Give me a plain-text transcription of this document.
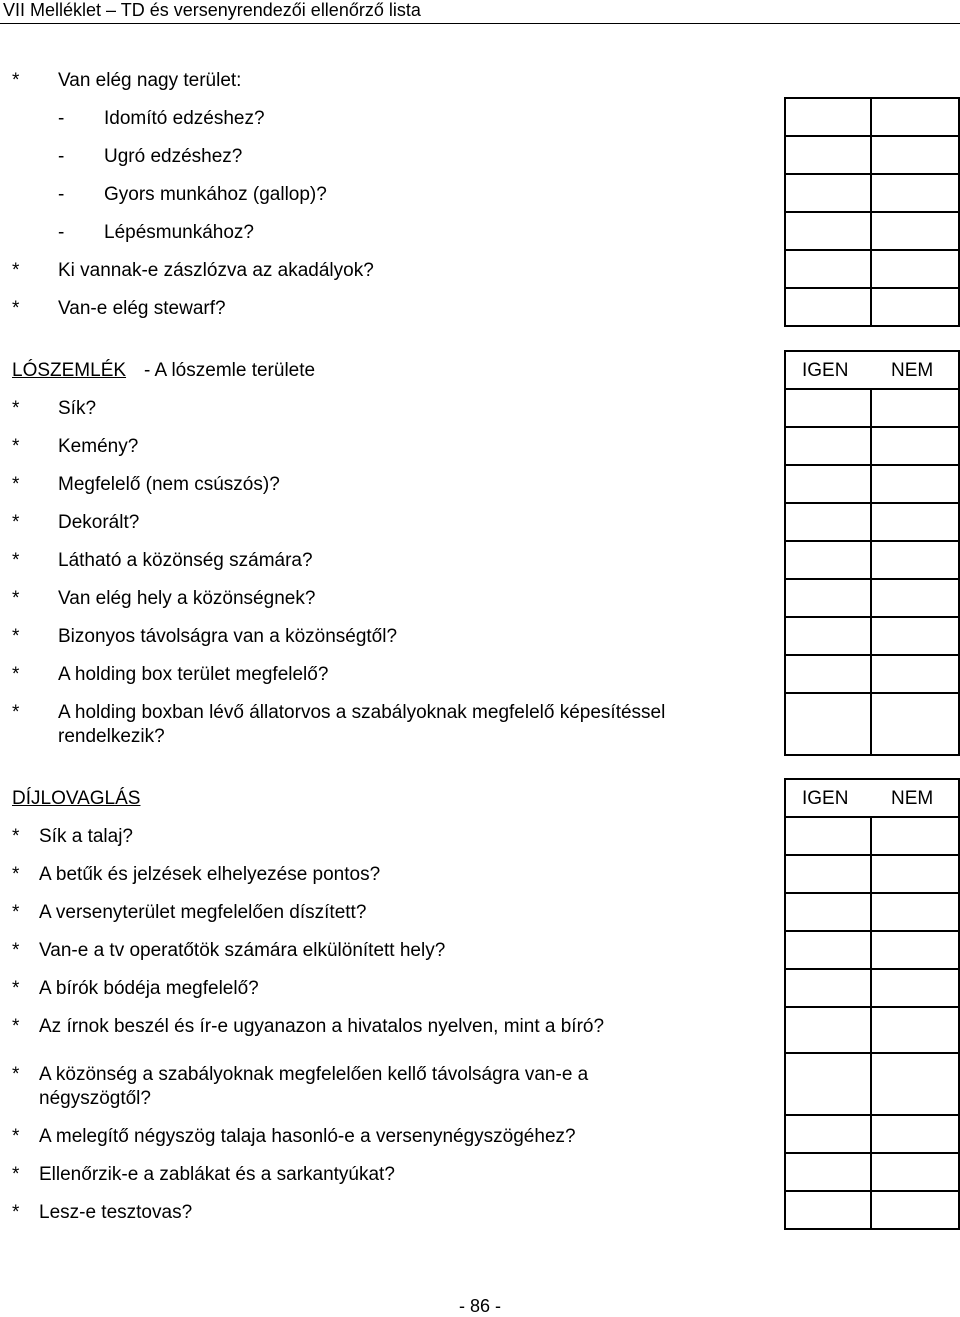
VII Melléklet – TD és versenyrendezői ellenőrző lista
* Van elég nagy terület:
- Idomító edzéshez?
- Ugró edzéshez?
- Gyors munkához (gallop)?
- Lépésmunkához?
* Ki vannak-e zászlózva az akadályok?
* Van-e elég stewarf?
LÓSZEMLÉK - A lószemle területe	IGEN NEM
* Sík?
* Kemény?
* Megfelelő (nem csúszós)?
* Dekorált?
* Látható a közönség számára?
* Van elég hely a közönségnek?
* Bizonyos távolságra van a közönségtől?
* A holding box terület megfelelő?
* A holding boxban lévő állatorvos a szabályoknak megfelelő képesítéssel
rendelkezik?
DÍJLOVAGLÁS	IGEN NEM
* Sík a talaj?
* A betűk és jelzések elhelyezése pontos?
* A versenyterület megfelelően díszített?
* Van-e a tv operatőtök számára elkülönített hely?
* A bírók bódéja megfelelő?
* Az írnok beszél és ír-e ugyanazon a hivatalos nyelven, mint a bíró?
* A közönség a szabályoknak megfelelően kellő távolságra van-e a
négyszögtől?
* A melegítő négyszög talaja hasonló-e a versenynégyszögéhez?
* Ellenőrzik-e a zablákat és a sarkantyúkat?
* Lesz-e tesztovas?
- 86 -
